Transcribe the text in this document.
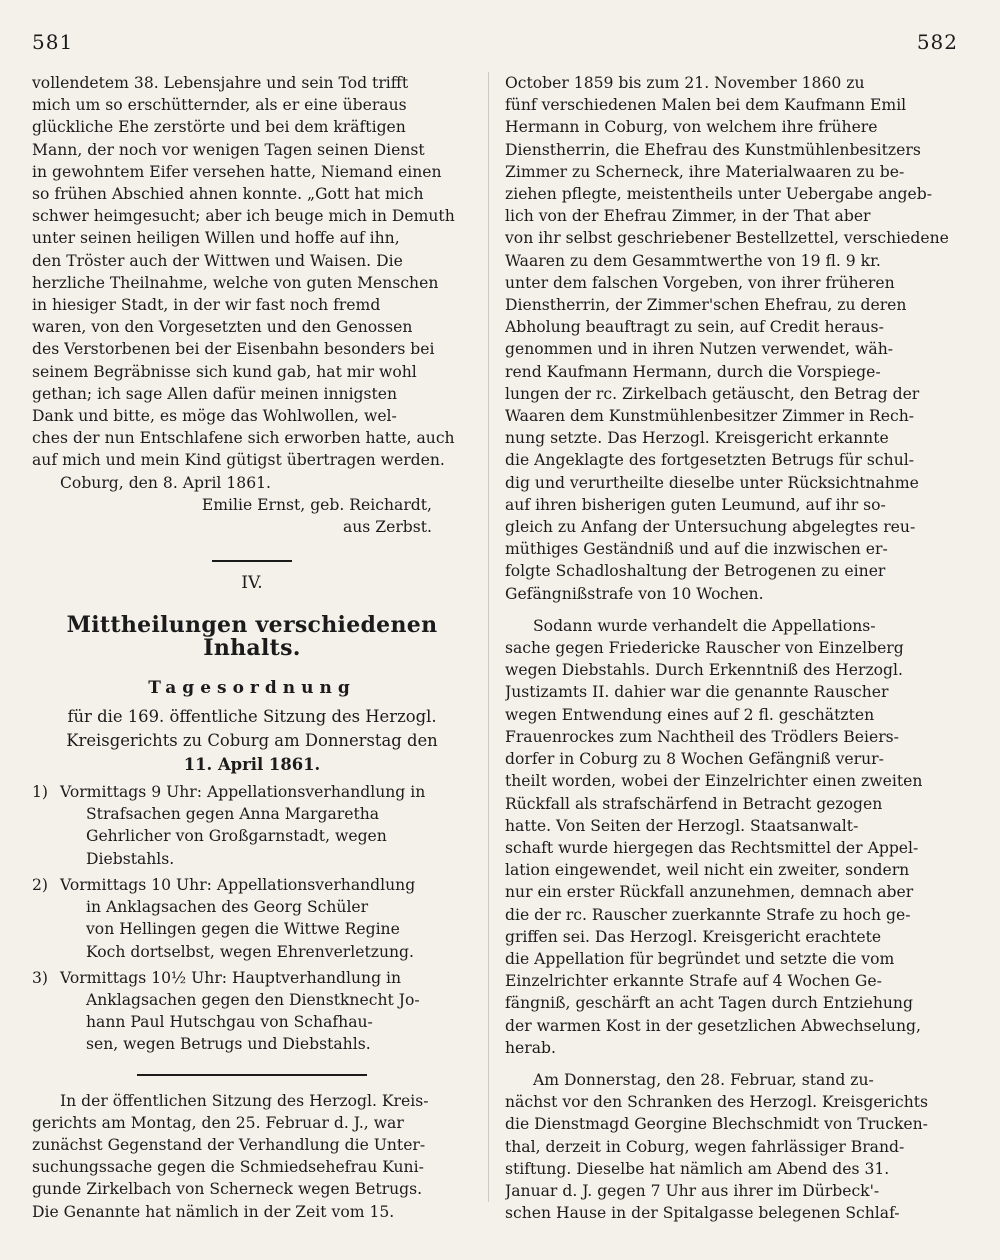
581	582
vollendetem 38. Lebensjahre und sein Tod trifft
mich um so erschütternder, als er eine überaus
glückliche Ehe zerstörte und bei dem kräftigen
Mann, der noch vor wenigen Tagen seinen Dienst
in gewohntem Eifer versehen hatte, Niemand einen
so frühen Abschied ahnen konnte. „Gott hat mich
schwer heimgesucht; aber ich beuge mich in Demuth
unter seinen heiligen Willen und hoffe auf ihn,
den Tröster auch der Wittwen und Waisen. Die
herzliche Theilnahme, welche von guten Menschen
in hiesiger Stadt, in der wir fast noch fremd
waren, von den Vorgesetzten und den Genossen
des Verstorbenen bei der Eisenbahn besonders bei
seinem Begräbnisse sich kund gab, hat mir wohl
gethan; ich sage Allen dafür meinen innigsten
Dank und bitte, es möge das Wohlwollen, wel-
ches der nun Entschlafene sich erworben hatte, auch
auf mich und mein Kind gütigst übertragen werden.
Coburg, den 8. April 1861.
Emilie Ernst, geb. Reichardt,
aus Zerbst.
IV.
Mittheilungen verschiedenen Inhalts.
Tagesordnung
für die 169. öffentliche Sitzung des Herzogl.
Kreisgerichts zu Coburg am Donnerstag den
11. April 1861.
1) Vormittags 9 Uhr: Appellationsverhandlung in
Strafsachen gegen Anna Margaretha
Gehrlicher von Großgarnstadt, wegen
Diebstahls.
2) Vormittags 10 Uhr: Appellationsverhandlung
in Anklagsachen des Georg Schüler
von Hellingen gegen die Wittwe Regine
Koch dortselbst, wegen Ehrenverletzung.
3) Vormittags 10½ Uhr: Hauptverhandlung in
Anklagsachen gegen den Dienstknecht Jo-
hann Paul Hutschgau von Schafhau-
sen, wegen Betrugs und Diebstahls.
In der öffentlichen Sitzung des Herzogl. Kreis-
gerichts am Montag, den 25. Februar d. J., war
zunächst Gegenstand der Verhandlung die Unter-
suchungssache gegen die Schmiedsehefrau Kuni-
gunde Zirkelbach von Scherneck wegen Betrugs.
Die Genannte hat nämlich in der Zeit vom 15.
October 1859 bis zum 21. November 1860 zu
fünf verschiedenen Malen bei dem Kaufmann Emil
Hermann in Coburg, von welchem ihre frühere
Dienstherrin, die Ehefrau des Kunstmühlenbesitzers
Zimmer zu Scherneck, ihre Materialwaaren zu be-
ziehen pflegte, meistentheils unter Uebergabe angeb-
lich von der Ehefrau Zimmer, in der That aber
von ihr selbst geschriebener Bestellzettel, verschiedene
Waaren zu dem Gesammtwerthe von 19 fl. 9 kr.
unter dem falschen Vorgeben, von ihrer früheren
Dienstherrin, der Zimmer'schen Ehefrau, zu deren
Abholung beauftragt zu sein, auf Credit heraus-
genommen und in ihren Nutzen verwendet, wäh-
rend Kaufmann Hermann, durch die Vorspiege-
lungen der rc. Zirkelbach getäuscht, den Betrag der
Waaren dem Kunstmühlenbesitzer Zimmer in Rech-
nung setzte. Das Herzogl. Kreisgericht erkannte
die Angeklagte des fortgesetzten Betrugs für schul-
dig und verurtheilte dieselbe unter Rücksichtnahme
auf ihren bisherigen guten Leumund, auf ihr so-
gleich zu Anfang der Untersuchung abgelegtes reu-
müthiges Geständniß und auf die inzwischen er-
folgte Schadloshaltung der Betrogenen zu einer
Gefängnißstrafe von 10 Wochen.
Sodann wurde verhandelt die Appellations-
sache gegen Friedericke Rauscher von Einzelberg
wegen Diebstahls. Durch Erkenntniß des Herzogl.
Justizamts II. dahier war die genannte Rauscher
wegen Entwendung eines auf 2 fl. geschätzten
Frauenrockes zum Nachtheil des Trödlers Beiers-
dorfer in Coburg zu 8 Wochen Gefängniß verur-
theilt worden, wobei der Einzelrichter einen zweiten
Rückfall als strafschärfend in Betracht gezogen
hatte. Von Seiten der Herzogl. Staatsanwalt-
schaft wurde hiergegen das Rechtsmittel der Appel-
lation eingewendet, weil nicht ein zweiter, sondern
nur ein erster Rückfall anzunehmen, demnach aber
die der rc. Rauscher zuerkannte Strafe zu hoch ge-
griffen sei. Das Herzogl. Kreisgericht erachtete
die Appellation für begründet und setzte die vom
Einzelrichter erkannte Strafe auf 4 Wochen Ge-
fängniß, geschärft an acht Tagen durch Entziehung
der warmen Kost in der gesetzlichen Abwechselung,
herab.
Am Donnerstag, den 28. Februar, stand zu-
nächst vor den Schranken des Herzogl. Kreisgerichts
die Dienstmagd Georgine Blechschmidt von Trucken-
thal, derzeit in Coburg, wegen fahrlässiger Brand-
stiftung. Dieselbe hat nämlich am Abend des 31.
Januar d. J. gegen 7 Uhr aus ihrer im Dürbeck'-
schen Hause in der Spitalgasse belegenen Schlaf-
